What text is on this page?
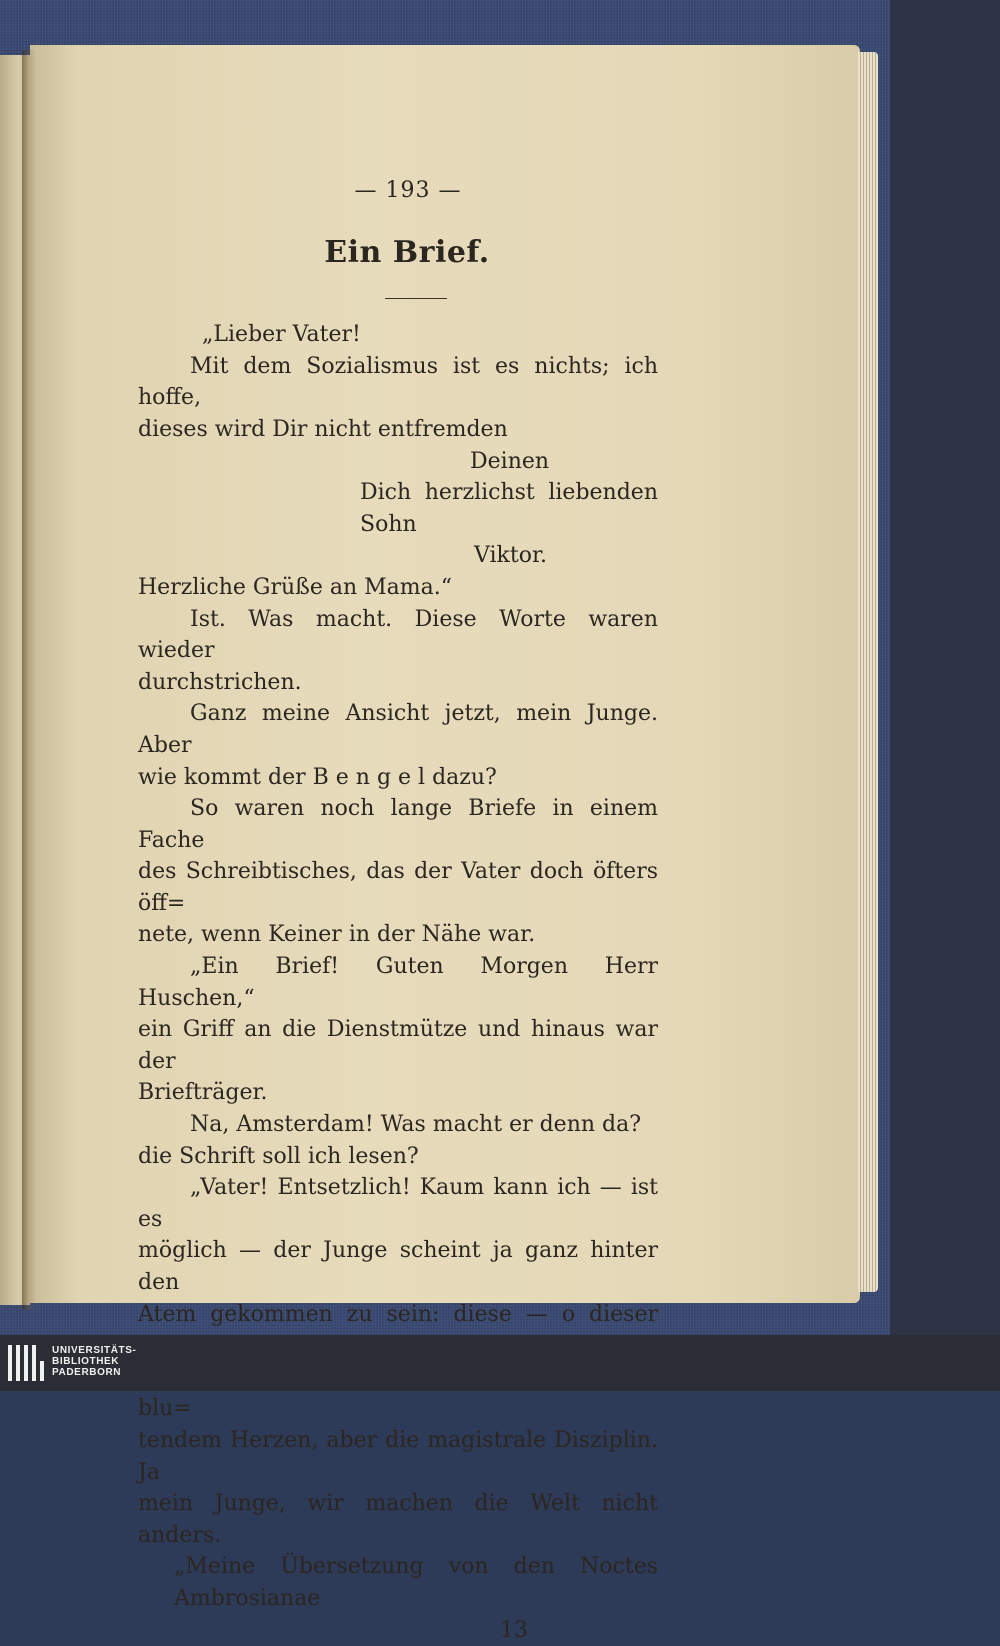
— 193 —
Ein Brief.

„Lieber Vater!

Mit dem Sozialismus ist es nichts; ich hoffe,

dieses wird Dir nicht entfremden

Deinen

Dich herzlichst liebenden Sohn

Viktor.

Herzliche Grüße an Mama.“

Ist. Was macht. Diese Worte waren wieder

durchstrichen.

Ganz meine Ansicht jetzt, mein Junge. Aber

wie kommt der B e n g e l dazu?

So waren noch lange Briefe in einem Fache

des Schreibtisches, das der Vater doch öfters öff=

nete, wenn Keiner in der Nähe war.

„Ein Brief! Guten Morgen Herr Huschen,“

ein Griff an die Dienstmütze und hinaus war der

Briefträger.

Na, Amsterdam! Was macht er denn da?

die Schrift soll ich lesen?

„Vater! Entsetzlich! Kaum kann ich — ist es

möglich — der Junge scheint ja ganz hinter den

Atem gekommen zu sein: diese — o dieser

blu=

tendem Herzen, aber die magistrale Disziplin. Ja

mein Junge, wir machen die Welt nicht anders.

„Meine Übersetzung von den Noctes Ambrosianae

13

UNIVERSITÄTS-
BIBLIOTHEK
PADERBORN
